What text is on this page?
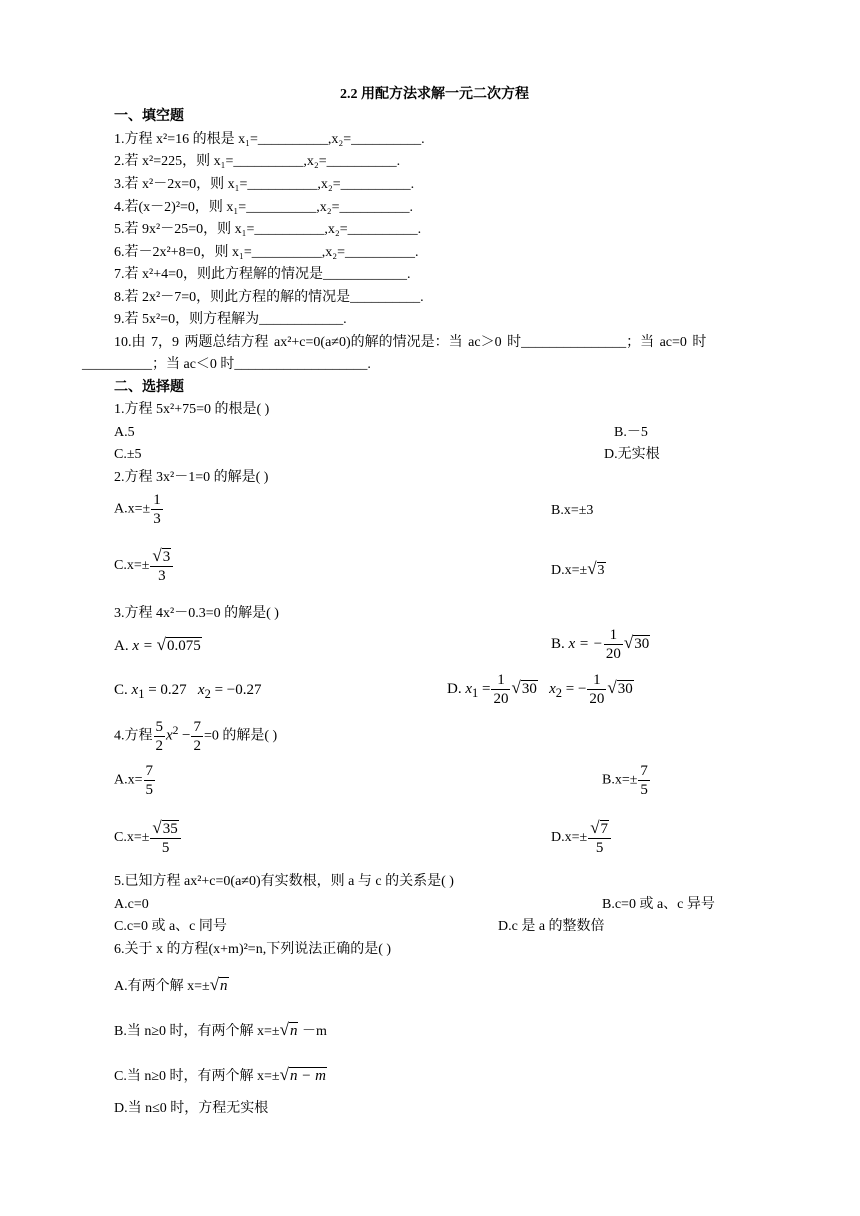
2.2 用配方法求解一元二次方程
一、填空题
1.方程 x²=16 的根是 x₁=__________,x₂=__________.
2.若 x²=225，则 x₁=__________,x₂=__________.
3.若 x²－2x=0，则 x₁=__________,x₂=__________.
4.若(x－2)²=0，则 x₁=__________,x₂=__________.
5.若 9x²－25=0，则 x₁=__________,x₂=__________.
6.若－2x²+8=0，则 x₁=__________,x₂=__________.
7.若 x²+4=0，则此方程解的情况是____________.
8.若 2x²－7=0，则此方程的解的情况是__________.
9.若 5x²=0，则方程解为____________.
10.由 7，9 两题总结方程 ax²+c=0(a≠0)的解的情况是：当 ac＞0 时_______________；当 ac=0 时
__________；当 ac＜0 时___________________.
二、选择题
1.方程 5x²+75=0 的根是( )
A.5	B.－5
C.±5	D.无实根
2.方程 3x²－1=0 的解是( )
$A.x=\pm \frac{1}{3}$	B.x=±3
$C.x=\pm \frac{√3}{3}$	D.x=±√3
3.方程 4x²－0.3=0 的解是( )
A. x = √0.075	B. x = − $\frac{1}{20} √30$
C. $x_1 = 0.27$ $x_2 = -0.27$	D. $x_1 = \frac{1}{20} √30$ $x_2$ = − $\frac{1}{20} √30$
4.方程 $\frac{5}{2} x^2 - \frac{7}{2} =0$ 的解是( )
$A.x= \frac{7}{5}$	$B.x=\pm \frac{7}{5}$
$C.x=\pm \frac{√35}{5}$	$D.x=\pm \frac{√7}{5}$
5.已知方程 ax²+c=0(a≠0)有实数根，则 a 与 c 的关系是( )
A.c=0	B.c=0 或 a、c 异号
C.c=0 或 a、c 同号	D.c 是 a 的整数倍
6.关于 x 的方程(x+m)²=n,下列说法正确的是( )
A.有两个解 x=±√n
B.当 n≥0 时，有两个解 x=±√n －m
C.当 n≥0 时，有两个解 x=±√n − m
D.当 n≤0 时，方程无实根
